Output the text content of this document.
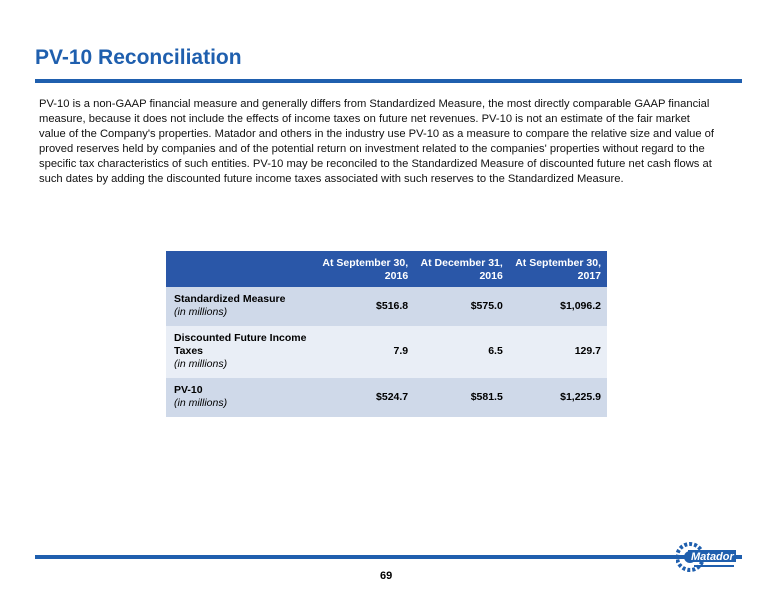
PV-10 Reconciliation
PV-10 is a non-GAAP financial measure and generally differs from Standardized Measure, the most directly comparable GAAP financial measure, because it does not include the effects of income taxes on future net revenues. PV-10 is not an estimate of the fair market value of the Company's properties. Matador and others in the industry use PV-10 as a measure to compare the relative size and value of proved reserves held by companies and of the potential return on investment related to the companies' properties without regard to the specific tax characteristics of such entities. PV-10 may be reconciled to the Standardized Measure of discounted future net cash flows at such dates by adding the discounted future income taxes associated with such reserves to the Standardized Measure.
	At September 30, 2016	At December 31, 2016	At September 30, 2017

Standardized Measure
(in millions)	$516.8	$575.0	$1,096.2

Discounted Future Income Taxes
(in millions)	7.9	6.5	129.7

PV-10
(in millions)	$524.7	$581.5	$1,225.9
69
Matador
